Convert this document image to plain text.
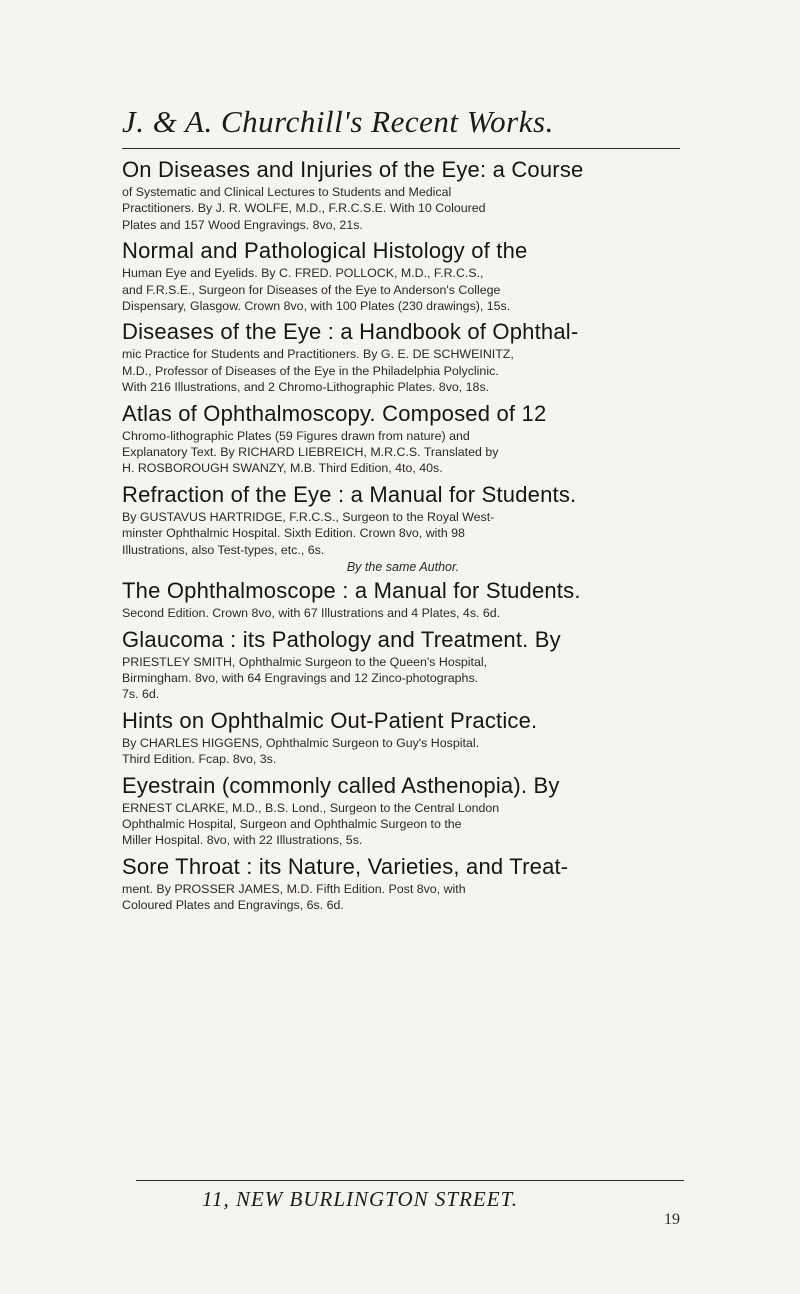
J. & A. Churchill's Recent Works.

On Diseases and Injuries of the Eye: a Course

of Systematic and Clinical Lectures to Students and Medical
Practitioners. By J. R. WOLFE, M.D., F.R.C.S.E. With 10 Coloured
Plates and 157 Wood Engravings. 8vo, 21s.

Normal and Pathological Histology of the

Human Eye and Eyelids. By C. FRED. POLLOCK, M.D., F.R.C.S.,
and F.R.S.E., Surgeon for Diseases of the Eye to Anderson's College
Dispensary, Glasgow. Crown 8vo, with 100 Plates (230 drawings), 15s.

Diseases of the Eye : a Handbook of Ophthal-

mic Practice for Students and Practitioners. By G. E. DE SCHWEINITZ,
M.D., Professor of Diseases of the Eye in the Philadelphia Polyclinic.
With 216 Illustrations, and 2 Chromo-Lithographic Plates. 8vo, 18s.

Atlas of Ophthalmoscopy. Composed of 12

Chromo-lithographic Plates (59 Figures drawn from nature) and
Explanatory Text. By RICHARD LIEBREICH, M.R.C.S. Translated by
H. ROSBOROUGH SWANZY, M.B. Third Edition, 4to, 40s.

Refraction of the Eye : a Manual for Students.

By GUSTAVUS HARTRIDGE, F.R.C.S., Surgeon to the Royal West-
minster Ophthalmic Hospital. Sixth Edition. Crown 8vo, with 98
Illustrations, also Test-types, etc., 6s.

By the same Author.

The Ophthalmoscope : a Manual for Students.

Second Edition. Crown 8vo, with 67 Illustrations and 4 Plates, 4s. 6d.

Glaucoma : its Pathology and Treatment. By

PRIESTLEY SMITH, Ophthalmic Surgeon to the Queen's Hospital,
Birmingham. 8vo, with 64 Engravings and 12 Zinco-photographs.
7s. 6d.

Hints on Ophthalmic Out-Patient Practice.

By CHARLES HIGGENS, Ophthalmic Surgeon to Guy's Hospital.
Third Edition. Fcap. 8vo, 3s.

Eyestrain (commonly called Asthenopia). By

ERNEST CLARKE, M.D., B.S. Lond., Surgeon to the Central London
Ophthalmic Hospital, Surgeon and Ophthalmic Surgeon to the
Miller Hospital. 8vo, with 22 Illustrations, 5s.

Sore Throat : its Nature, Varieties, and Treat-

ment. By PROSSER JAMES, M.D. Fifth Edition. Post 8vo, with
Coloured Plates and Engravings, 6s. 6d.

11, NEW BURLINGTON STREET.
19
